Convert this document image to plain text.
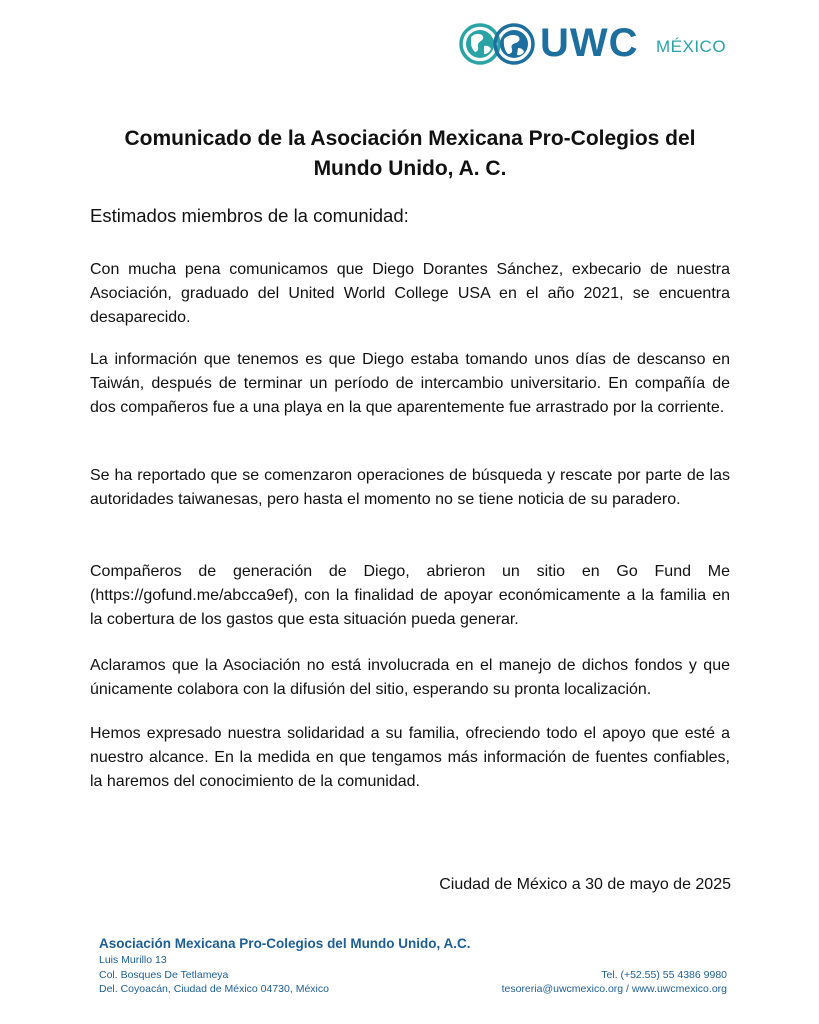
UWC MÉXICO
Comunicado de la Asociación Mexicana Pro-Colegios del Mundo Unido, A. C.

Estimados miembros de la comunidad:

Con mucha pena comunicamos que Diego Dorantes Sánchez, exbecario de nuestra Asociación, graduado del United World College USA en el año 2021, se encuentra desaparecido.

La información que tenemos es que Diego estaba tomando unos días de descanso en Taiwán, después de terminar un período de intercambio universitario. En compañía de dos compañeros fue a una playa en la que aparentemente fue arrastrado por la corriente.

Se ha reportado que se comenzaron operaciones de búsqueda y rescate por parte de las autoridades taiwanesas, pero hasta el momento no se tiene noticia de su paradero.

Compañeros de generación de Diego, abrieron un sitio en Go Fund Me (https://gofund.me/abcca9ef), con la finalidad de apoyar económicamente a la familia en la cobertura de los gastos que esta situación pueda generar.

Aclaramos que la Asociación no está involucrada en el manejo de dichos fondos y que únicamente colabora con la difusión del sitio, esperando su pronta localización.

Hemos expresado nuestra solidaridad a su familia, ofreciendo todo el apoyo que esté a nuestro alcance. En la medida en que tengamos más información de fuentes confiables, la haremos del conocimiento de la comunidad.

Ciudad de México a 30 de mayo de 2025

Asociación Mexicana Pro-Colegios del Mundo Unido, A.C.

Luis Murillo 13

Col. Bosques De Tetlameya

Del. Coyoacán, Ciudad de México 04730, México

Tel. (+52.55) 55 4386 9980

tesoreria@uwcmexico.org / www.uwcmexico.org
